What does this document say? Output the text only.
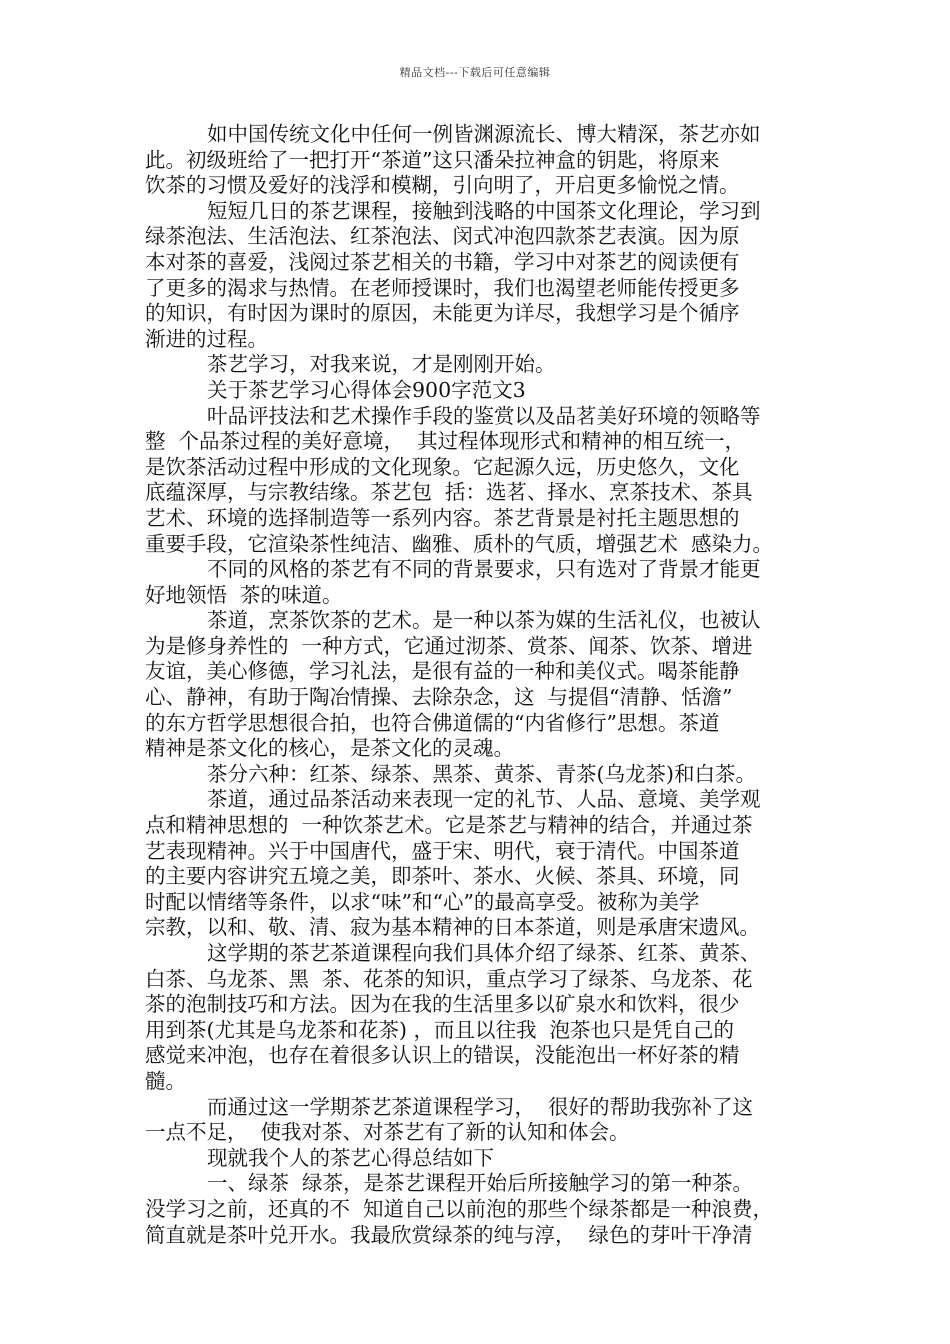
精品文档---下载后可任意编辑
如中国传统文化中任何一例皆渊源流长、博大精深，茶艺亦如
此。初级班给了一把打开“茶道”这只潘朵拉神盒的钥匙，将原来
饮茶的习惯及爱好的浅浮和模糊，引向明了，开启更多愉悦之情。
短短几日的茶艺课程，接触到浅略的中国茶文化理论，学习到
绿茶泡法、生活泡法、红茶泡法、闵式冲泡四款茶艺表演。因为原
本对茶的喜爱，浅阅过茶艺相关的书籍，学习中对茶艺的阅读便有
了更多的渴求与热情。在老师授课时，我们也渴望老师能传授更多
的知识，有时因为课时的原因，未能更为详尽，我想学习是个循序
渐进的过程。
茶艺学习，对我来说，才是刚刚开始。
关于茶艺学习心得体会900字范文3
叶品评技法和艺术操作手段的鉴赏以及品茗美好环境的领略等
整  个品茶过程的美好意境，  其过程体现形式和精神的相互统一，
是饮茶活动过程中形成的文化现象。它起源久远，历史悠久，文化
底蕴深厚，与宗教结缘。茶艺包  括：选茗、择水、烹茶技术、茶具
艺术、环境的选择制造等一系列内容。茶艺背景是衬托主题思想的
重要手段，它渲染茶性纯洁、幽雅、质朴的气质，增强艺术  感染力。
不同的风格的茶艺有不同的背景要求，只有选对了背景才能更
好地领悟  茶的味道。
茶道，烹茶饮茶的艺术。是一种以茶为媒的生活礼仪，也被认
为是修身养性的  一种方式，它通过沏茶、赏茶、闻茶、饮茶、增进
友谊，美心修德，学习礼法，是很有益的一种和美仪式。喝茶能静
心、静神，有助于陶冶情操、去除杂念，这  与提倡“清静、恬澹”
的东方哲学思想很合拍，也符合佛道儒的“内省修行”思想。茶道
精神是茶文化的核心，是茶文化的灵魂。
茶分六种：红茶、绿茶、黑茶、黄茶、青茶(乌龙茶)和白茶。
茶道，通过品茶活动来表现一定的礼节、人品、意境、美学观
点和精神思想的  一种饮茶艺术。它是茶艺与精神的结合，并通过茶
艺表现精神。兴于中国唐代，盛于宋、明代，衰于清代。中国茶道
的主要内容讲究五境之美，即茶叶、茶水、火候、茶具、环境，同
时配以情绪等条件，以求“味”和“心”的最高享受。被称为美学
宗教，以和、敬、清、寂为基本精神的日本茶道，则是承唐宋遗风。
这学期的茶艺茶道课程向我们具体介绍了绿茶、红茶、黄茶、
白茶、乌龙茶、黑  茶、花茶的知识，重点学习了绿茶、乌龙茶、花
茶的泡制技巧和方法。因为在我的生活里多以矿泉水和饮料，很少
用到茶(尤其是乌龙茶和花茶) ，而且以往我  泡茶也只是凭自己的
感觉来冲泡，也存在着很多认识上的错误，没能泡出一杯好茶的精
髓。
而通过这一学期茶艺茶道课程学习，  很好的帮助我弥补了这
一点不足，  使我对茶、对茶艺有了新的认知和体会。
现就我个人的茶艺心得总结如下
一、绿茶  绿茶，是茶艺课程开始后所接触学习的第一种茶。
没学习之前，还真的不  知道自己以前泡的那些个绿茶都是一种浪费，
简直就是茶叶兑开水。我最欣赏绿茶的纯与淳，  绿色的芽叶干净清
